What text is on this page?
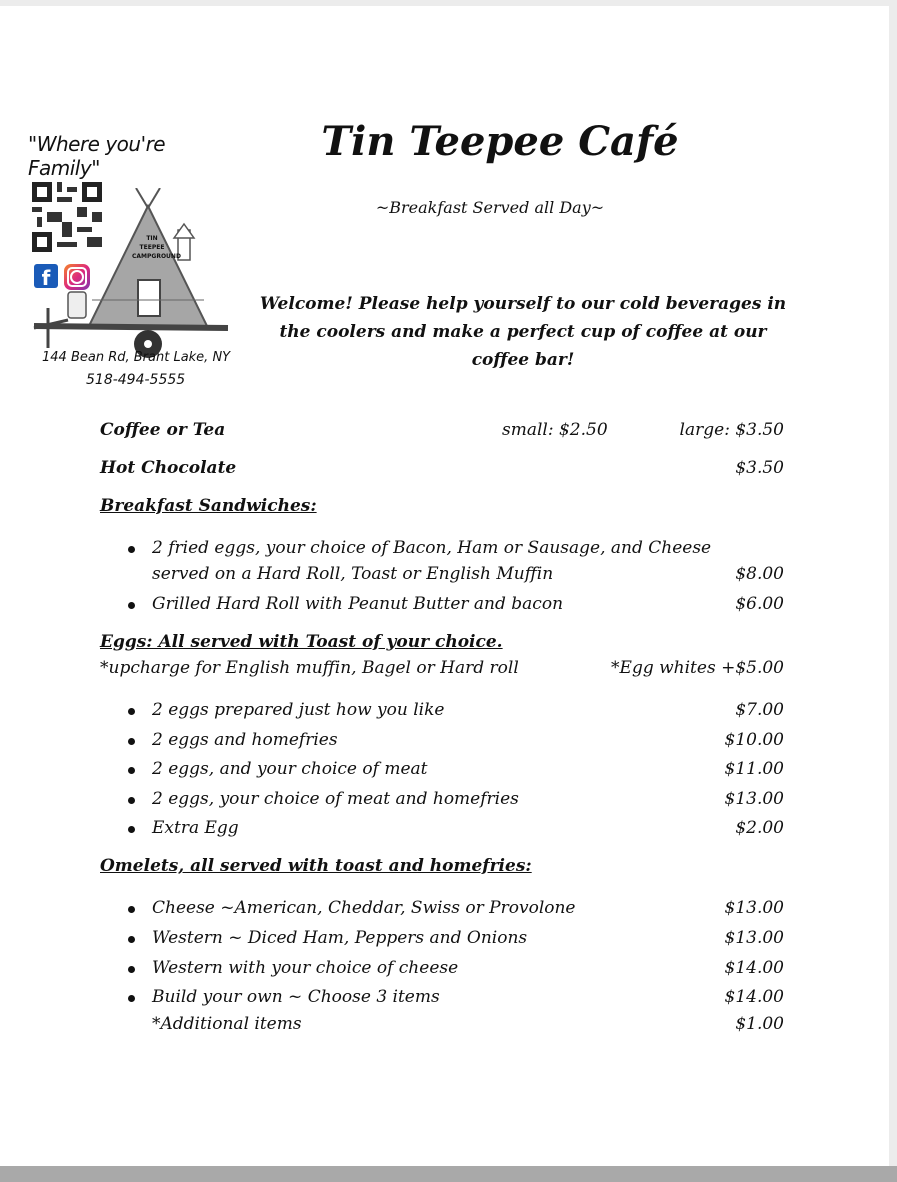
"Where you're Family"
f
144 Bean Rd, Brant Lake, NY
518-494-5555
TIN
TEEPEE
CAMPGROUND
Tin Teepee Café
~Breakfast Served all Day~
Welcome! Please help yourself to our cold beverages in
the coolers and make a perfect cup of coffee at our
coffee bar!
Coffee or Tea	small: $2.50	large: $3.50
Hot Chocolate	$3.50
Breakfast Sandwiches:
2 fried eggs, your choice of Bacon, Ham or Sausage, and Cheese
served on a Hard Roll, Toast or English Muffin	$8.00
Grilled Hard Roll with Peanut Butter and bacon	$6.00
Eggs: All served with Toast of your choice.
*upcharge for English muffin, Bagel or Hard roll	*Egg whites +$5.00
2 eggs prepared just how you like	$7.00
2 eggs and homefries	$10.00
2 eggs, and your choice of meat	$11.00
2 eggs, your choice of meat and homefries	$13.00
Extra Egg	$2.00
Omelets, all served with toast and homefries:
Cheese ~American, Cheddar, Swiss or Provolone	$13.00
Western ~ Diced Ham, Peppers and Onions	$13.00
Western with your choice of cheese	$14.00
Build your own ~ Choose 3 items	$14.00
*Additional items	$1.00
